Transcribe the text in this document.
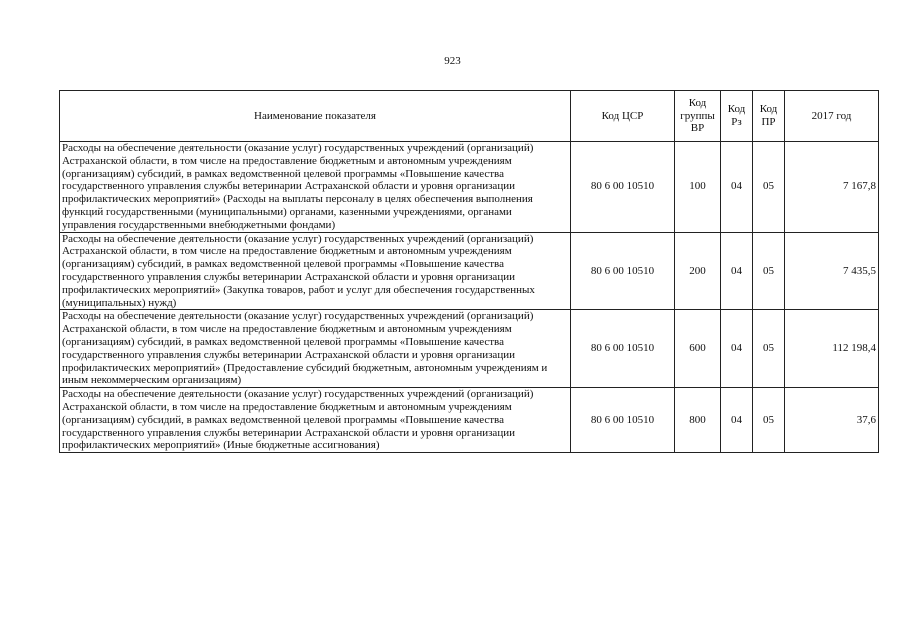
923
Наименование показателя	Код ЦСР	Код группы ВР	Код Рз	Код ПР	2017 год
Расходы на обеспечение деятельности (оказание услуг) государственных учреждений (организаций) Астраханской области, в том числе на предоставление бюджетным и автономным учреждениям (организациям) субсидий, в рамках ведомственной целевой программы «Повышение качества государственного управления службы ветеринарии Астраханской области и уровня организации профилактических мероприятий» (Расходы на выплаты персоналу в целях обеспечения выполнения функций государственными (муниципальными) органами, казенными учреждениями, органами управления государственными внебюджетными фондами)	80 6 00 10510	100	04	05	7 167,8
Расходы на обеспечение деятельности (оказание услуг) государственных учреждений (организаций) Астраханской области, в том числе на предоставление бюджетным и автономным учреждениям (организациям) субсидий, в рамках ведомственной целевой программы «Повышение качества государственного управления службы ветеринарии Астраханской области и уровня организации профилактических мероприятий» (Закупка товаров, работ и услуг для обеспечения государственных (муниципальных) нужд)	80 6 00 10510	200	04	05	7 435,5
Расходы на обеспечение деятельности (оказание услуг) государственных учреждений (организаций) Астраханской области, в том числе на предоставление бюджетным и автономным учреждениям (организациям) субсидий, в рамках ведомственной целевой программы «Повышение качества государственного управления службы ветеринарии Астраханской области и уровня организации профилактических мероприятий» (Предоставление субсидий бюджетным, автономным учреждениям и иным некоммерческим организациям)	80 6 00 10510	600	04	05	112 198,4
Расходы на обеспечение деятельности (оказание услуг) государственных учреждений (организаций) Астраханской области, в том числе на предоставление бюджетным и автономным учреждениям (организациям) субсидий, в рамках ведомственной целевой программы «Повышение качества государственного управления службы ветеринарии Астраханской области и уровня организации профилактических мероприятий» (Иные бюджетные ассигнования)	80 6 00 10510	800	04	05	37,6
